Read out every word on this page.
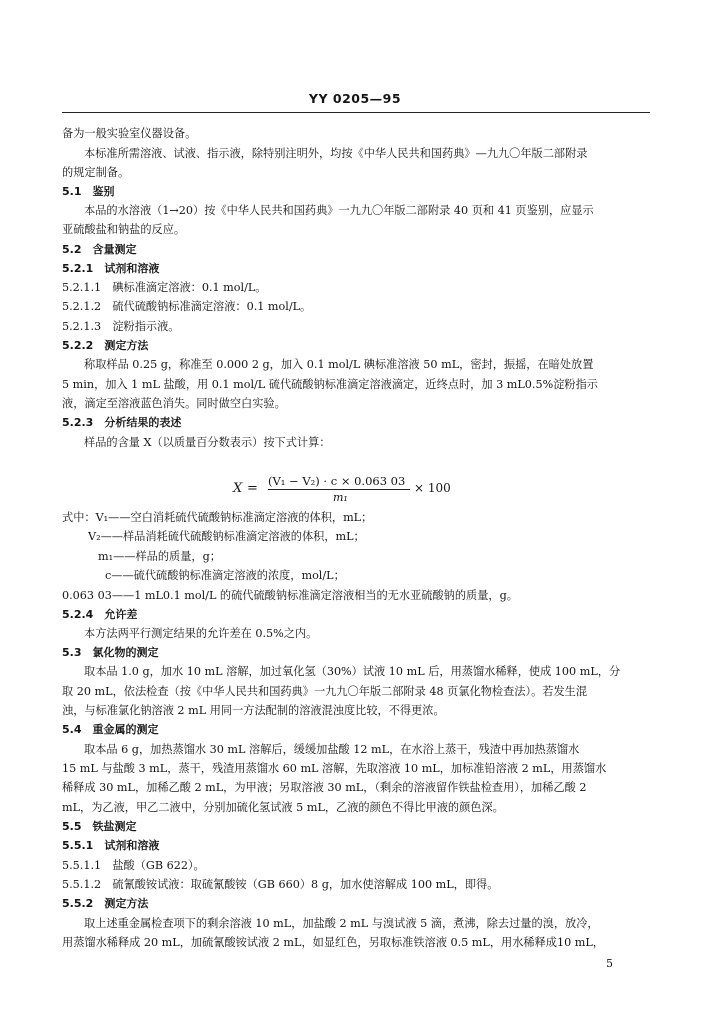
YY 0205—95
备为一般实验室仪器设备。
本标准所需溶液、试液、指示液，除特别注明外，均按《中华人民共和国药典》—九九〇年版二部附录
的规定制备。
5.1　鉴别
本品的水溶液（1→20）按《中华人民共和国药典》一九九〇年版二部附录 40 页和 41 页鉴别，应显示
亚硫酸盐和钠盐的反应。
5.2　含量测定
5.2.1　试剂和溶液
5.2.1.1　碘标准滴定溶液：0.1 mol/L。
5.2.1.2　硫代硫酸钠标准滴定溶液：0.1 mol/L。
5.2.1.3　淀粉指示液。
5.2.2　测定方法
称取样品 0.25 g，称准至 0.000 2 g，加入 0.1 mol/L 碘标准溶液 50 mL，密封，振摇，在暗处放置
5 min，加入 1 mL 盐酸，用 0.1 mol/L 硫代硫酸钠标准滴定溶液滴定，近终点时，加 3 mL0.5%淀粉指示
液，滴定至溶液蓝色消失。同时做空白实验。
5.2.3　分析结果的表述
样品的含量 X（以质量百分数表示）按下式计算：
式中：V₁——空白消耗硫代硫酸钠标准滴定溶液的体积，mL；
V₂——样品消耗硫代硫酸钠标准滴定溶液的体积，mL；
m₁——样品的质量，g；
c——硫代硫酸钠标准滴定溶液的浓度，mol/L；
0.063 03——1 mL0.1 mol/L 的硫代硫酸钠标准滴定溶液相当的无水亚硫酸钠的质量，g。
5.2.4　允许差
本方法两平行测定结果的允许差在 0.5%之内。
5.3　氯化物的测定
取本品 1.0 g，加水 10 mL 溶解，加过氧化氢（30%）试液 10 mL 后，用蒸馏水稀释，使成 100 mL，分
取 20 mL，依法检查（按《中华人民共和国药典》一九九〇年版二部附录 48 页氯化物检查法）。若发生混
浊，与标准氯化钠溶液 2 mL 用同一方法配制的溶液混浊度比较，不得更浓。
5.4　重金属的测定
取本品 6 g，加热蒸馏水 30 mL 溶解后，缓缓加盐酸 12 mL，在水浴上蒸干，残渣中再加热蒸馏水
15 mL 与盐酸 3 mL，蒸干，残渣用蒸馏水 60 mL 溶解，先取溶液 10 mL，加标准铅溶液 2 mL，用蒸馏水
稀释成 30 mL，加稀乙酸 2 mL，为甲液；另取溶液 30 mL，（剩余的溶液留作铁盐检查用），加稀乙酸 2
mL，为乙液，甲乙二液中，分别加硫化氢试液 5 mL，乙液的颜色不得比甲液的颜色深。
5.5　铁盐测定
5.5.1　试剂和溶液
5.5.1.1　盐酸（GB 622）。
5.5.1.2　硫氰酸铵试液：取硫氰酸铵（GB 660）8 g，加水使溶解成 100 mL，即得。
5.5.2　测定方法
取上述重金属检查项下的剩余溶液 10 mL，加盐酸 2 mL 与溴试液 5 滴，煮沸，除去过量的溴，放冷，
用蒸馏水稀释成 20 mL，加硫氰酸铵试液 2 mL，如显红色，另取标准铁溶液 0.5 mL，用水稀释成10 mL，
X = (V₁ − V₂) · c × 0.063 03
m₁
× 100
5
